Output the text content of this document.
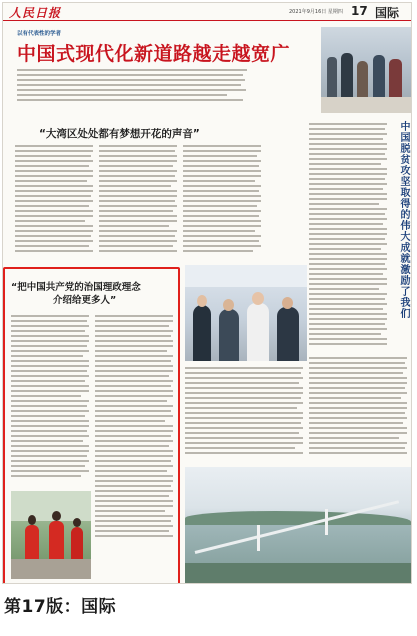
人民日报	2021年9月16日 星期四 17 国际
以有代表性的学者
中国式现代化新道路越走越宽广
“大湾区处处都有梦想开花的声音”	中国脱贫攻坚取得的伟大成就激励了我们
“把中国共产党的治国理政理念
介绍给更多人”
第17版：国际
